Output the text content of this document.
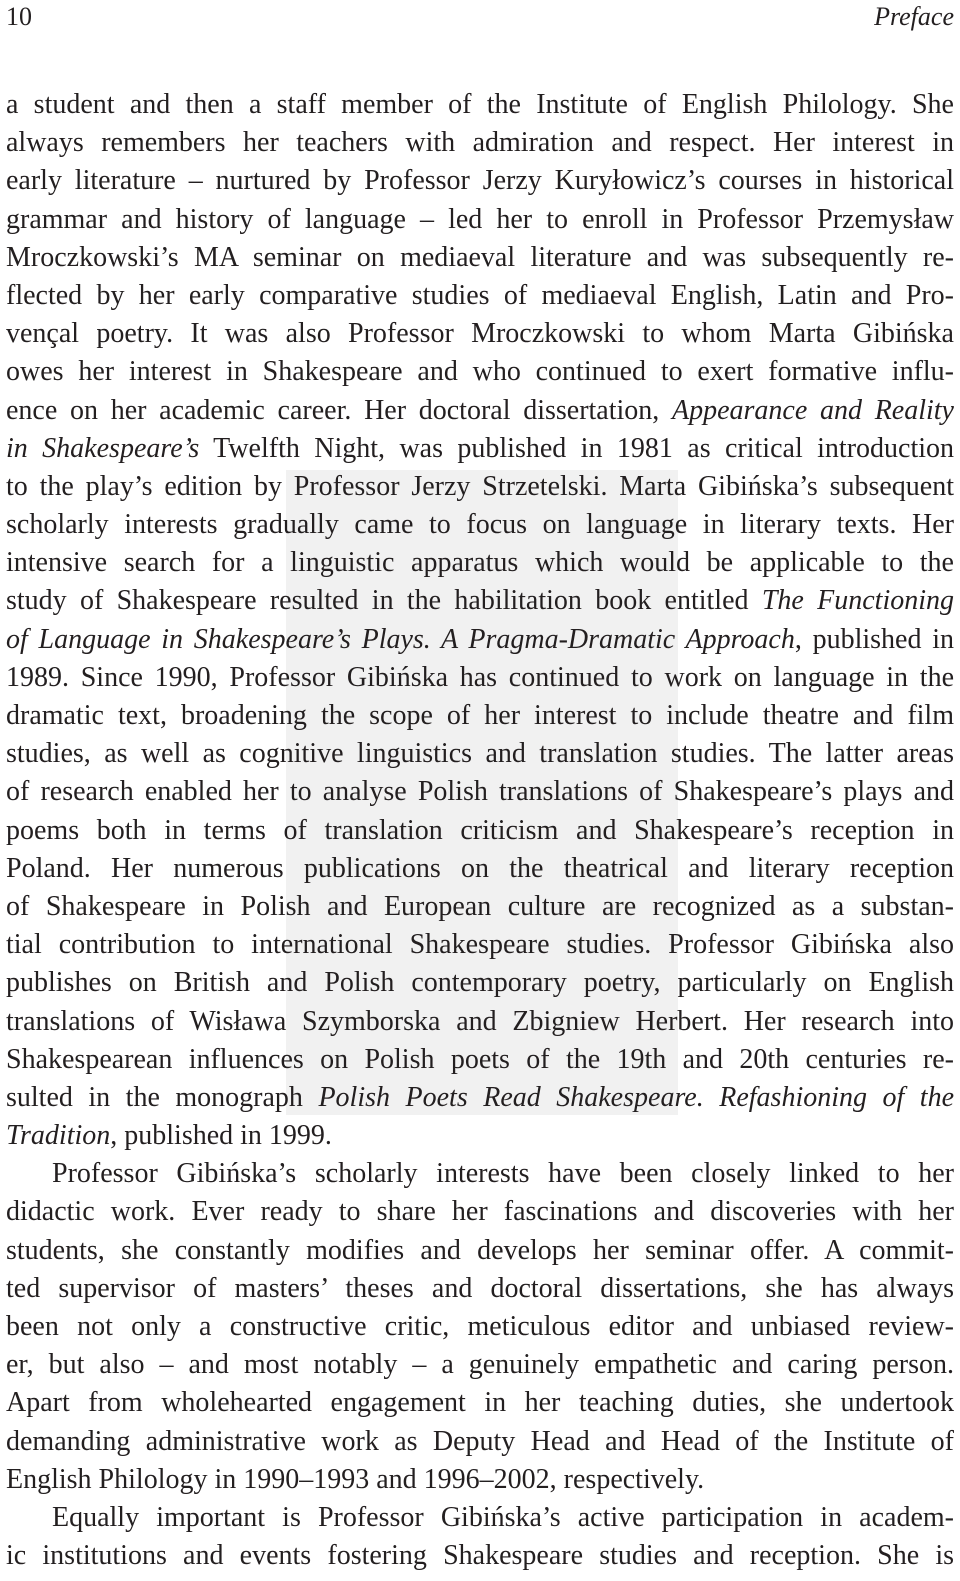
10	Preface
a student and then a staff member of the Institute of English Philology. She
always remembers her teachers with admiration and respect. Her interest in
early literature – nurtured by Professor Jerzy Kuryłowicz’s courses in historical
grammar and history of language – led her to enroll in Professor Przemysław
Mroczkowski’s MA seminar on mediaeval literature and was subsequently re-
flected by her early comparative studies of mediaeval English, Latin and Pro-
vençal poetry. It was also Professor Mroczkowski to whom Marta Gibińska
owes her interest in Shakespeare and who continued to exert formative influ-
ence on her academic career. Her doctoral dissertation, Appearance and Reality
in Shakespeare’s Twelfth Night, was published in 1981 as critical introduction
to the play’s edition by Professor Jerzy Strzetelski. Marta Gibińska’s subsequent
scholarly interests gradually came to focus on language in literary texts. Her
intensive search for a linguistic apparatus which would be applicable to the
study of Shakespeare resulted in the habilitation book entitled The Functioning
of Language in Shakespeare’s Plays. A Pragma-Dramatic Approach, published in
1989. Since 1990, Professor Gibińska has continued to work on language in the
dramatic text, broadening the scope of her interest to include theatre and film
studies, as well as cognitive linguistics and translation studies. The latter areas
of research enabled her to analyse Polish translations of Shakespeare’s plays and
poems both in terms of translation criticism and Shakespeare’s reception in
Poland. Her numerous publications on the theatrical and literary reception
of Shakespeare in Polish and European culture are recognized as a substan-
tial contribution to international Shakespeare studies. Professor Gibińska also
publishes on British and Polish contemporary poetry, particularly on English
translations of Wisława Szymborska and Zbigniew Herbert. Her research into
Shakespearean influences on Polish poets of the 19th and 20th centuries re-
sulted in the monograph Polish Poets Read Shakespeare. Refashioning of the
Tradition, published in 1999.
Professor Gibińska’s scholarly interests have been closely linked to her
didactic work. Ever ready to share her fascinations and discoveries with her
students, she constantly modifies and develops her seminar offer. A commit-
ted supervisor of masters’ theses and doctoral dissertations, she has always
been not only a constructive critic, meticulous editor and unbiased review-
er, but also – and most notably – a genuinely empathetic and caring person.
Apart from wholehearted engagement in her teaching duties, she undertook
demanding administrative work as Deputy Head and Head of the Institute of
English Philology in 1990–1993 and 1996–2002, respectively.
Equally important is Professor Gibińska’s active participation in academ-
ic institutions and events fostering Shakespeare studies and reception. She is
